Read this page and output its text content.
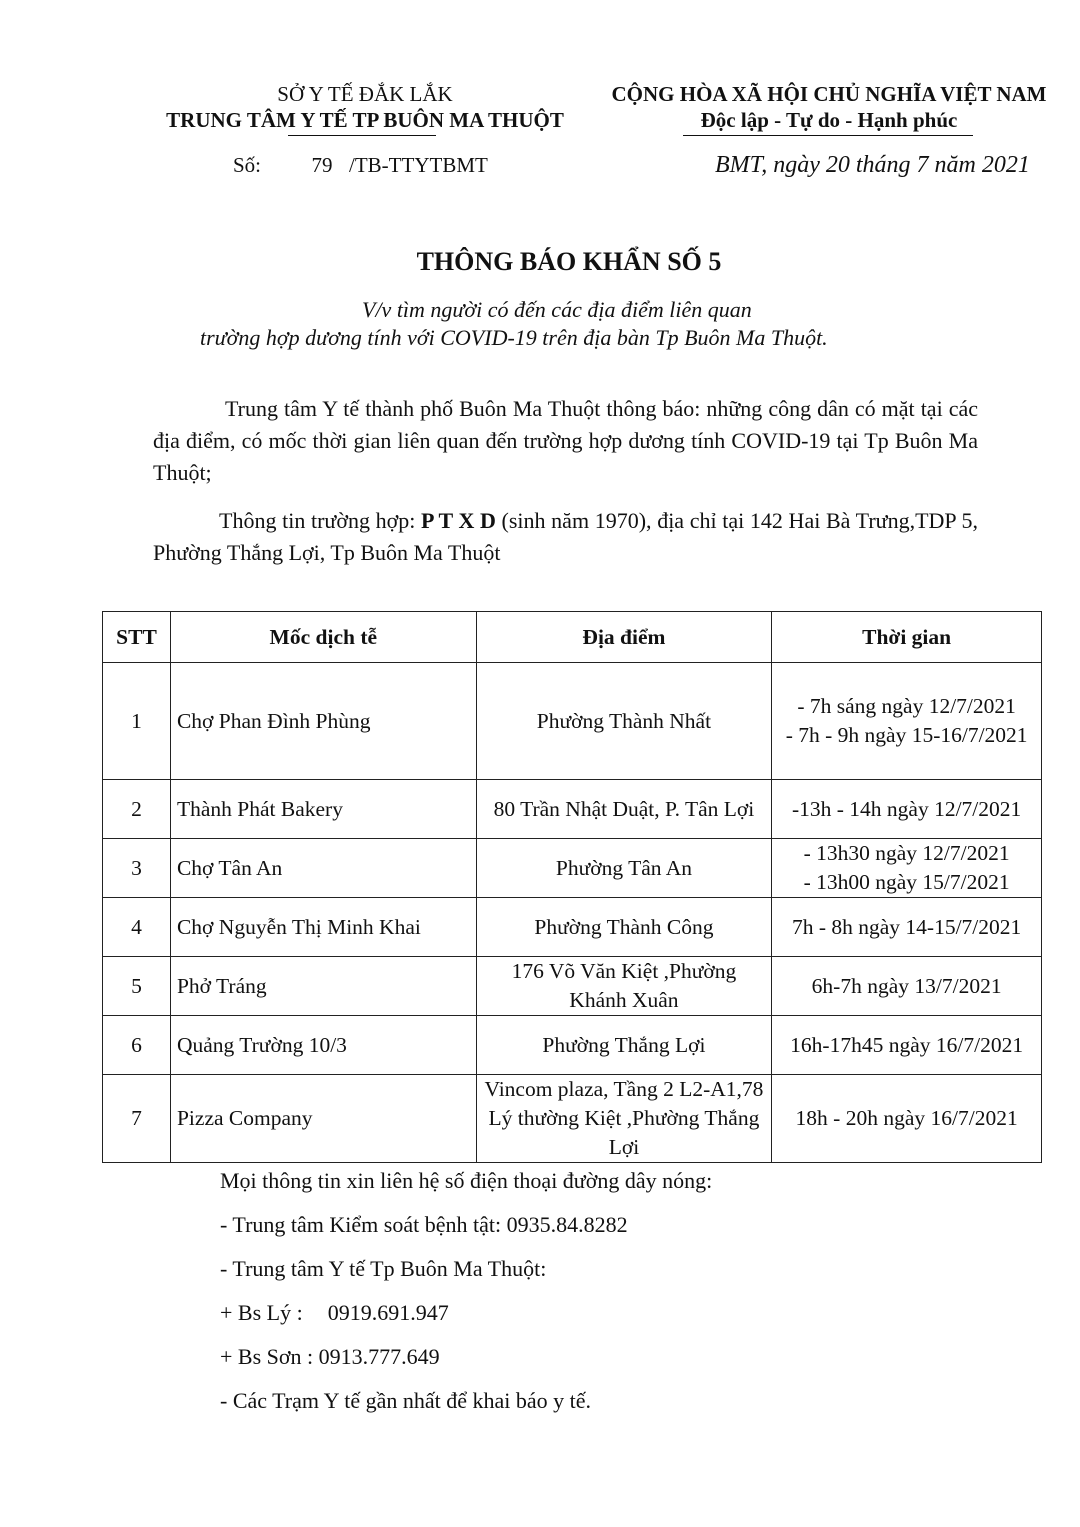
SỞ Y TẾ ĐẮK LẮK
TRUNG TÂM Y TẾ TP BUÔN MA THUỘT
CỘNG HÒA XÃ HỘI CHỦ NGHĨA VIỆT NAM
Độc lập - Tự do - Hạnh phúc
Số: 79 /TB-TTYTBMT	BMT, ngày 20 tháng 7 năm 2021
THÔNG BÁO KHẨN SỐ 5
V/v tìm người có đến các địa điểm liên quan
trường hợp dương tính với COVID-19 trên địa bàn Tp Buôn Ma Thuột.
Trung tâm Y tế thành phố Buôn Ma Thuột thông báo: những công dân có mặt tại các địa điểm, có mốc thời gian liên quan đến trường hợp dương tính COVID-19 tại Tp Buôn Ma Thuột;
Thông tin trường hợp: P T X D (sinh năm 1970), địa chỉ tại 142 Hai Bà Trưng,TDP 5, Phường Thắng Lợi, Tp Buôn Ma Thuột
STT	Mốc dịch tễ	Địa điểm	Thời gian
1	Chợ Phan Đình Phùng	Phường Thành Nhất	- 7h sáng ngày 12/7/2021
- 7h - 9h ngày 15-16/7/2021

2	Thành Phát Bakery	80 Trần Nhật Duật, P. Tân Lợi	-13h - 14h ngày 12/7/2021

3	Chợ Tân An	Phường Tân An	- 13h30 ngày 12/7/2021
- 13h00 ngày 15/7/2021

4	Chợ Nguyễn Thị Minh Khai	Phường Thành Công	7h - 8h ngày 14-15/7/2021

5	Phở Tráng	176 Võ Văn Kiệt ,Phường Khánh Xuân	6h-7h ngày 13/7/2021

6	Quảng Trường 10/3	Phường Thắng Lợi	16h-17h45 ngày 16/7/2021

7	Pizza Company	Vincom plaza, Tầng 2 L2-A1,78 Lý thường Kiệt ,Phường Thắng Lợi	18h - 20h ngày 16/7/2021
Mọi thông tin xin liên hệ số điện thoại đường dây nóng:
- Trung tâm Kiểm soát bệnh tật: 0935.84.8282
- Trung tâm Y tế Tp Buôn Ma Thuột:
+ Bs Lý : 0919.691.947
+ Bs Sơn : 0913.777.649
- Các Trạm Y tế gần nhất để khai báo y tế.
